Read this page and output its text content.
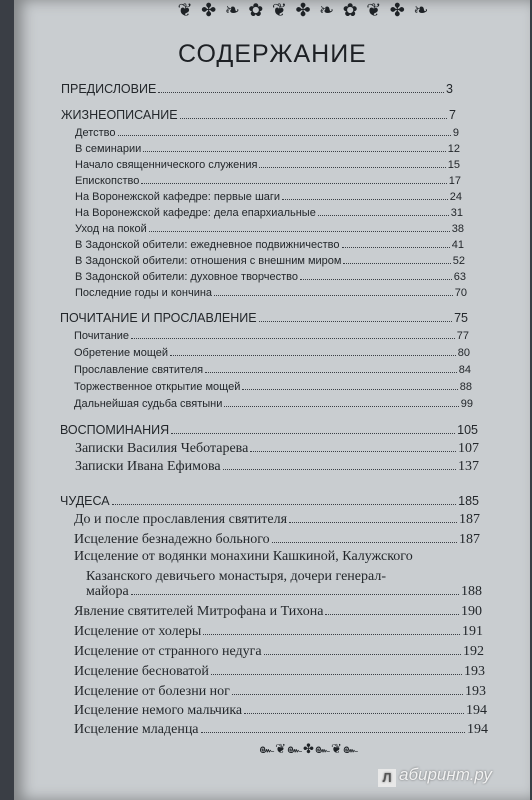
❦ ✤ ❧ ✿ ❦ ✤ ❧ ✿ ❦ ✤ ❧
СОДЕРЖАНИЕ
ПРЕДИСЛОВИЕ	3
ЖИЗНЕОПИСАНИЕ	7
Детство	9
В семинарии	12
Начало священнического служения	15
Епископство	17
На Воронежской кафедре: первые шаги	24
На Воронежской кафедре: дела епархиальные	31
Уход на покой	38
В Задонской обители: ежедневное подвижничество	41
В Задонской обители: отношения с внешним миром	52
В Задонской обители: духовное творчество	63
Последние годы и кончина	70
ПОЧИТАНИЕ И ПРОСЛАВЛЕНИЕ	75
Почитание	77
Обретение мощей	80
Прославление святителя	84
Торжественное открытие мощей	88
Дальнейшая судьба святыни	99
ВОСПОМИНАНИЯ	105
Записки Василия Чеботарева	107
Записки Ивана Ефимова	137
ЧУДЕСА	185
До и после прославления святителя	187
Исцеление безнадежно больного	187
Исцеление от водянки монахини Кашкиной, Калужского
Казанского девичьего монастыря, дочери генерал-
майора	188
Явление святителей Митрофана и Тихона	190
Исцеление от холеры	191
Исцеление от странного недуга	192
Исцеление бесноватой	193
Исцеление от болезни ног	193
Исцеление немого мальчика	194
Исцеление младенца	194
๛❦๛✤๛❦๛
Л абиринт.ру
